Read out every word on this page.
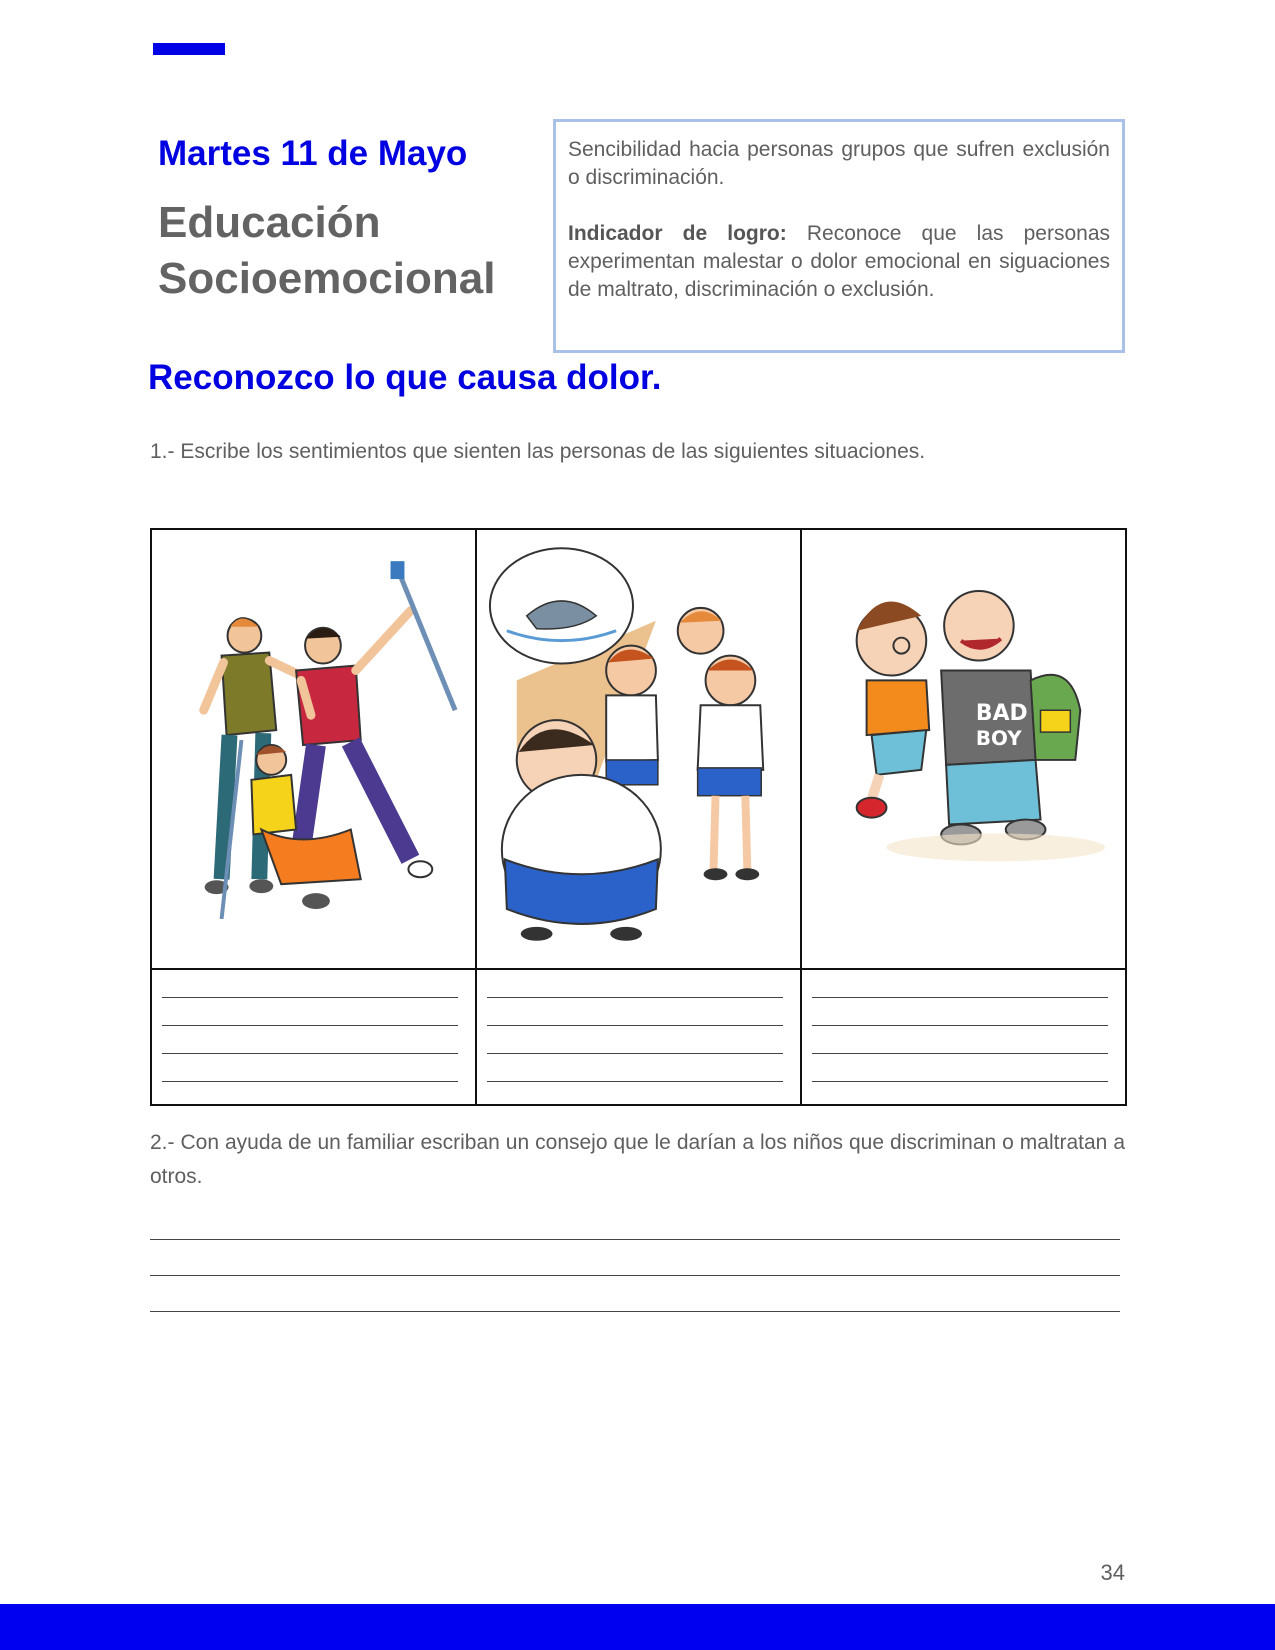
Martes 11 de Mayo
Educación
Socioemocional

Sencibilidad hacia personas grupos que sufren exclusión o discriminación.

Indicador de logro: Reconoce que las personas experimentan malestar o dolor emocional en siguaciones de maltrato, discriminación o exclusión.

Reconozco lo que causa dolor.

1.- Escribe los sentimientos que sienten las personas de las siguientes situaciones.

BAD
BOY

2.- Con ayuda de un familiar escriban un consejo que le darían a los niños que discriminan o maltratan a otros.

34
